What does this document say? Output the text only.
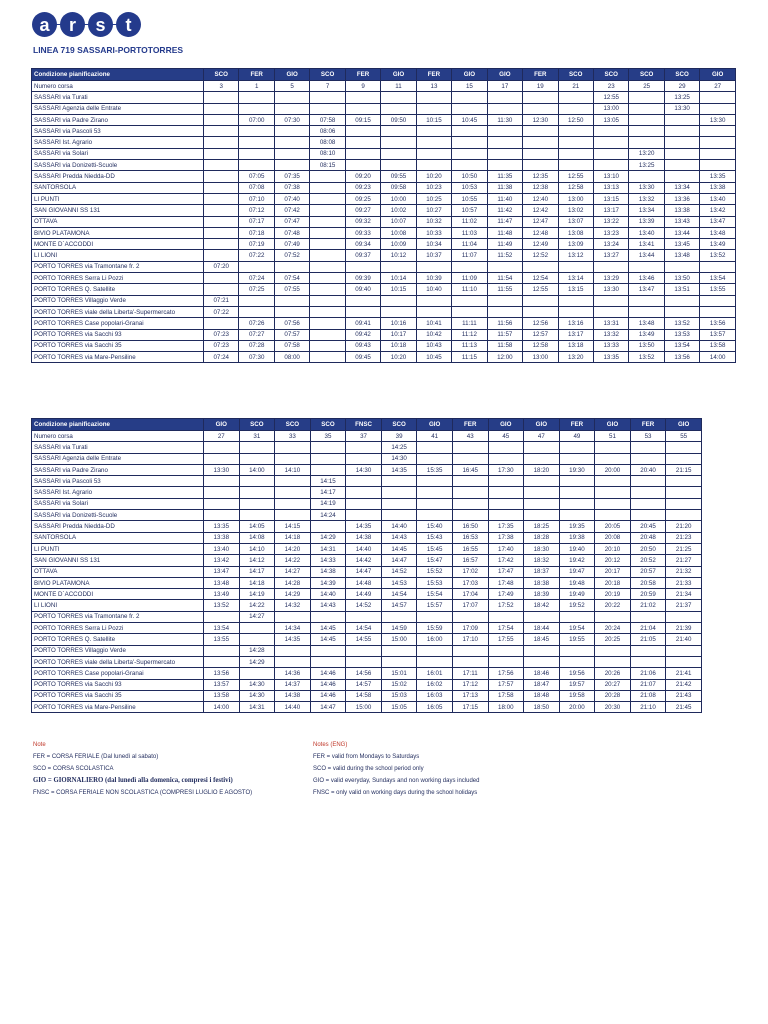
a	r	s	t
LINEA 719 SASSARI-PORTOTORRES
Condizione pianificazione	SCO	FER	GIO	SCO	FER	GIO	FER	GIO	GIO	FER	SCO	SCO	SCO	SCO	GIO
Numero corsa	3	1	5	7	9	11	13	15	17	19	21	23	25	29	27
SASSARI via Turati												12:55		13:25	
SASSARI Agenzia delle Entrate												13:00		13:30	
SASSARI via Padre Zirano		07:00	07:30	07:58	09:15	09:50	10:15	10:45	11:30	12:30	12:50	13:05			13:30
SASSARI via Pascoli 53				08:06											
SASSARI Ist. Agrario				08:08											
SASSARI via Solari				08:10									13:20		
SASSARI via Donizetti-Scuole				08:15									13:25		
SASSARI Predda Niedda-DD		07:05	07:35		09:20	09:55	10:20	10:50	11:35	12:35	12:55	13:10			13:35
SANTORSOLA		07:08	07:38		09:23	09:58	10:23	10:53	11:38	12:38	12:58	13:13	13:30	13:34	13:38
LI PUNTI		07:10	07:40		09:25	10:00	10:25	10:55	11:40	12:40	13:00	13:15	13:32	13:36	13:40
SAN GIOVANNI SS 131		07:12	07:42		09:27	10:02	10:27	10:57	11:42	12:42	13:02	13:17	13:34	13:38	13:42
OTTAVA		07:17	07:47		09:32	10:07	10:32	11:02	11:47	12:47	13:07	13:22	13:39	13:43	13:47
BIVIO PLATAMONA		07:18	07:48		09:33	10:08	10:33	11:03	11:48	12:48	13:08	13:23	13:40	13:44	13:48
MONTE D`ACCODDI		07:19	07:49		09:34	10:09	10:34	11:04	11:49	12:49	13:09	13:24	13:41	13:45	13:49
LI LIONI		07:22	07:52		09:37	10:12	10:37	11:07	11:52	12:52	13:12	13:27	13:44	13:48	13:52
PORTO TORRES via Tramontane fr. 2	07:20														
PORTO TORRES Serra Li Pozzi		07:24	07:54		09:39	10:14	10:39	11:09	11:54	12:54	13:14	13:29	13:46	13:50	13:54
PORTO TORRES Q. Satellite		07:25	07:55		09:40	10:15	10:40	11:10	11:55	12:55	13:15	13:30	13:47	13:51	13:55
PORTO TORRES Villaggio Verde	07:21														
PORTO TORRES viale della Liberta'-Supermercato	07:22														
PORTO TORRES Case popolari-Granai		07:26	07:56		09:41	10:16	10:41	11:11	11:56	12:56	13:16	13:31	13:48	13:52	13:56
PORTO TORRES via Sacchi 93	07:23	07:27	07:57		09:42	10:17	10:42	11:12	11:57	12:57	13:17	13:32	13:49	13:53	13:57
PORTO TORRES via Sacchi 35	07:23	07:28	07:58		09:43	10:18	10:43	11:13	11:58	12:58	13:18	13:33	13:50	13:54	13:58
PORTO TORRES via Mare-Pensiline	07:24	07:30	08:00		09:45	10:20	10:45	11:15	12:00	13:00	13:20	13:35	13:52	13:56	14:00
Condizione pianificazione	GIO	SCO	SCO	SCO	FNSC	SCO	GIO	FER	GIO	GIO	FER	GIO	FER	GIO
Numero corsa	27	31	33	35	37	39	41	43	45	47	49	51	53	55
SASSARI via Turati						14:25								
SASSARI Agenzia delle Entrate						14:30								
SASSARI via Padre Zirano	13:30	14:00	14:10		14:30	14:35	15:35	16:45	17:30	18:20	19:30	20:00	20:40	21:15
SASSARI via Pascoli 53				14:15										
SASSARI Ist. Agrario				14:17										
SASSARI via Solari				14:19										
SASSARI via Donizetti-Scuole				14:24										
SASSARI Predda Niedda-DD	13:35	14:05	14:15		14:35	14:40	15:40	16:50	17:35	18:25	19:35	20:05	20:45	21:20
SANTORSOLA	13:38	14:08	14:18	14:29	14:38	14:43	15:43	16:53	17:38	18:28	19:38	20:08	20:48	21:23
LI PUNTI	13:40	14:10	14:20	14:31	14:40	14:45	15:45	16:55	17:40	18:30	19:40	20:10	20:50	21:25
SAN GIOVANNI SS 131	13:42	14:12	14:22	14:33	14:42	14:47	15:47	16:57	17:42	18:32	19:42	20:12	20:52	21:27
OTTAVA	13:47	14:17	14:27	14:38	14:47	14:52	15:52	17:02	17:47	18:37	19:47	20:17	20:57	21:32
BIVIO PLATAMONA	13:48	14:18	14:28	14:39	14:48	14:53	15:53	17:03	17:48	18:38	19:48	20:18	20:58	21:33
MONTE D`ACCODDI	13:49	14:19	14:29	14:40	14:49	14:54	15:54	17:04	17:49	18:39	19:49	20:19	20:59	21:34
LI LIONI	13:52	14:22	14:32	14:43	14:52	14:57	15:57	17:07	17:52	18:42	19:52	20:22	21:02	21:37
PORTO TORRES via Tramontane fr. 2		14:27												
PORTO TORRES Serra Li Pozzi	13:54		14:34	14:45	14:54	14:59	15:59	17:09	17:54	18:44	19:54	20:24	21:04	21:39
PORTO TORRES Q. Satellite	13:55		14:35	14:45	14:55	15:00	16:00	17:10	17:55	18:45	19:55	20:25	21:05	21:40
PORTO TORRES Villaggio Verde		14:28												
PORTO TORRES viale della Liberta'-Supermercato		14:29												
PORTO TORRES Case popolari-Granai	13:56		14:36	14:46	14:56	15:01	16:01	17:11	17:56	18:46	19:56	20:26	21:06	21:41
PORTO TORRES via Sacchi 93	13:57	14:30	14:37	14:46	14:57	15:02	16:02	17:12	17:57	18:47	19:57	20:27	21:07	21:42
PORTO TORRES via Sacchi 35	13:58	14:30	14:38	14:46	14:58	15:03	16:03	17:13	17:58	18:48	19:58	20:28	21:08	21:43
PORTO TORRES via Mare-Pensiline	14:00	14:31	14:40	14:47	15:00	15:05	16:05	17:15	18:00	18:50	20:00	20:30	21:10	21:45
Note
FER = CORSA FERIALE (Dal lunedì al sabato)
SCO = CORSA SCOLASTICA
GIO = GIORNALIERO (dal lunedì alla domenica, compresi i festivi)
FNSC = CORSA FERIALE NON SCOLASTICA (COMPRESI LUGLIO E AGOSTO)
Notes (ENG)
FER = valid from Mondays to Saturdays
SCO = valid during the school period only
GIO = valid everyday, Sundays and non working days included
FNSC = only valid on working days during the school holidays
